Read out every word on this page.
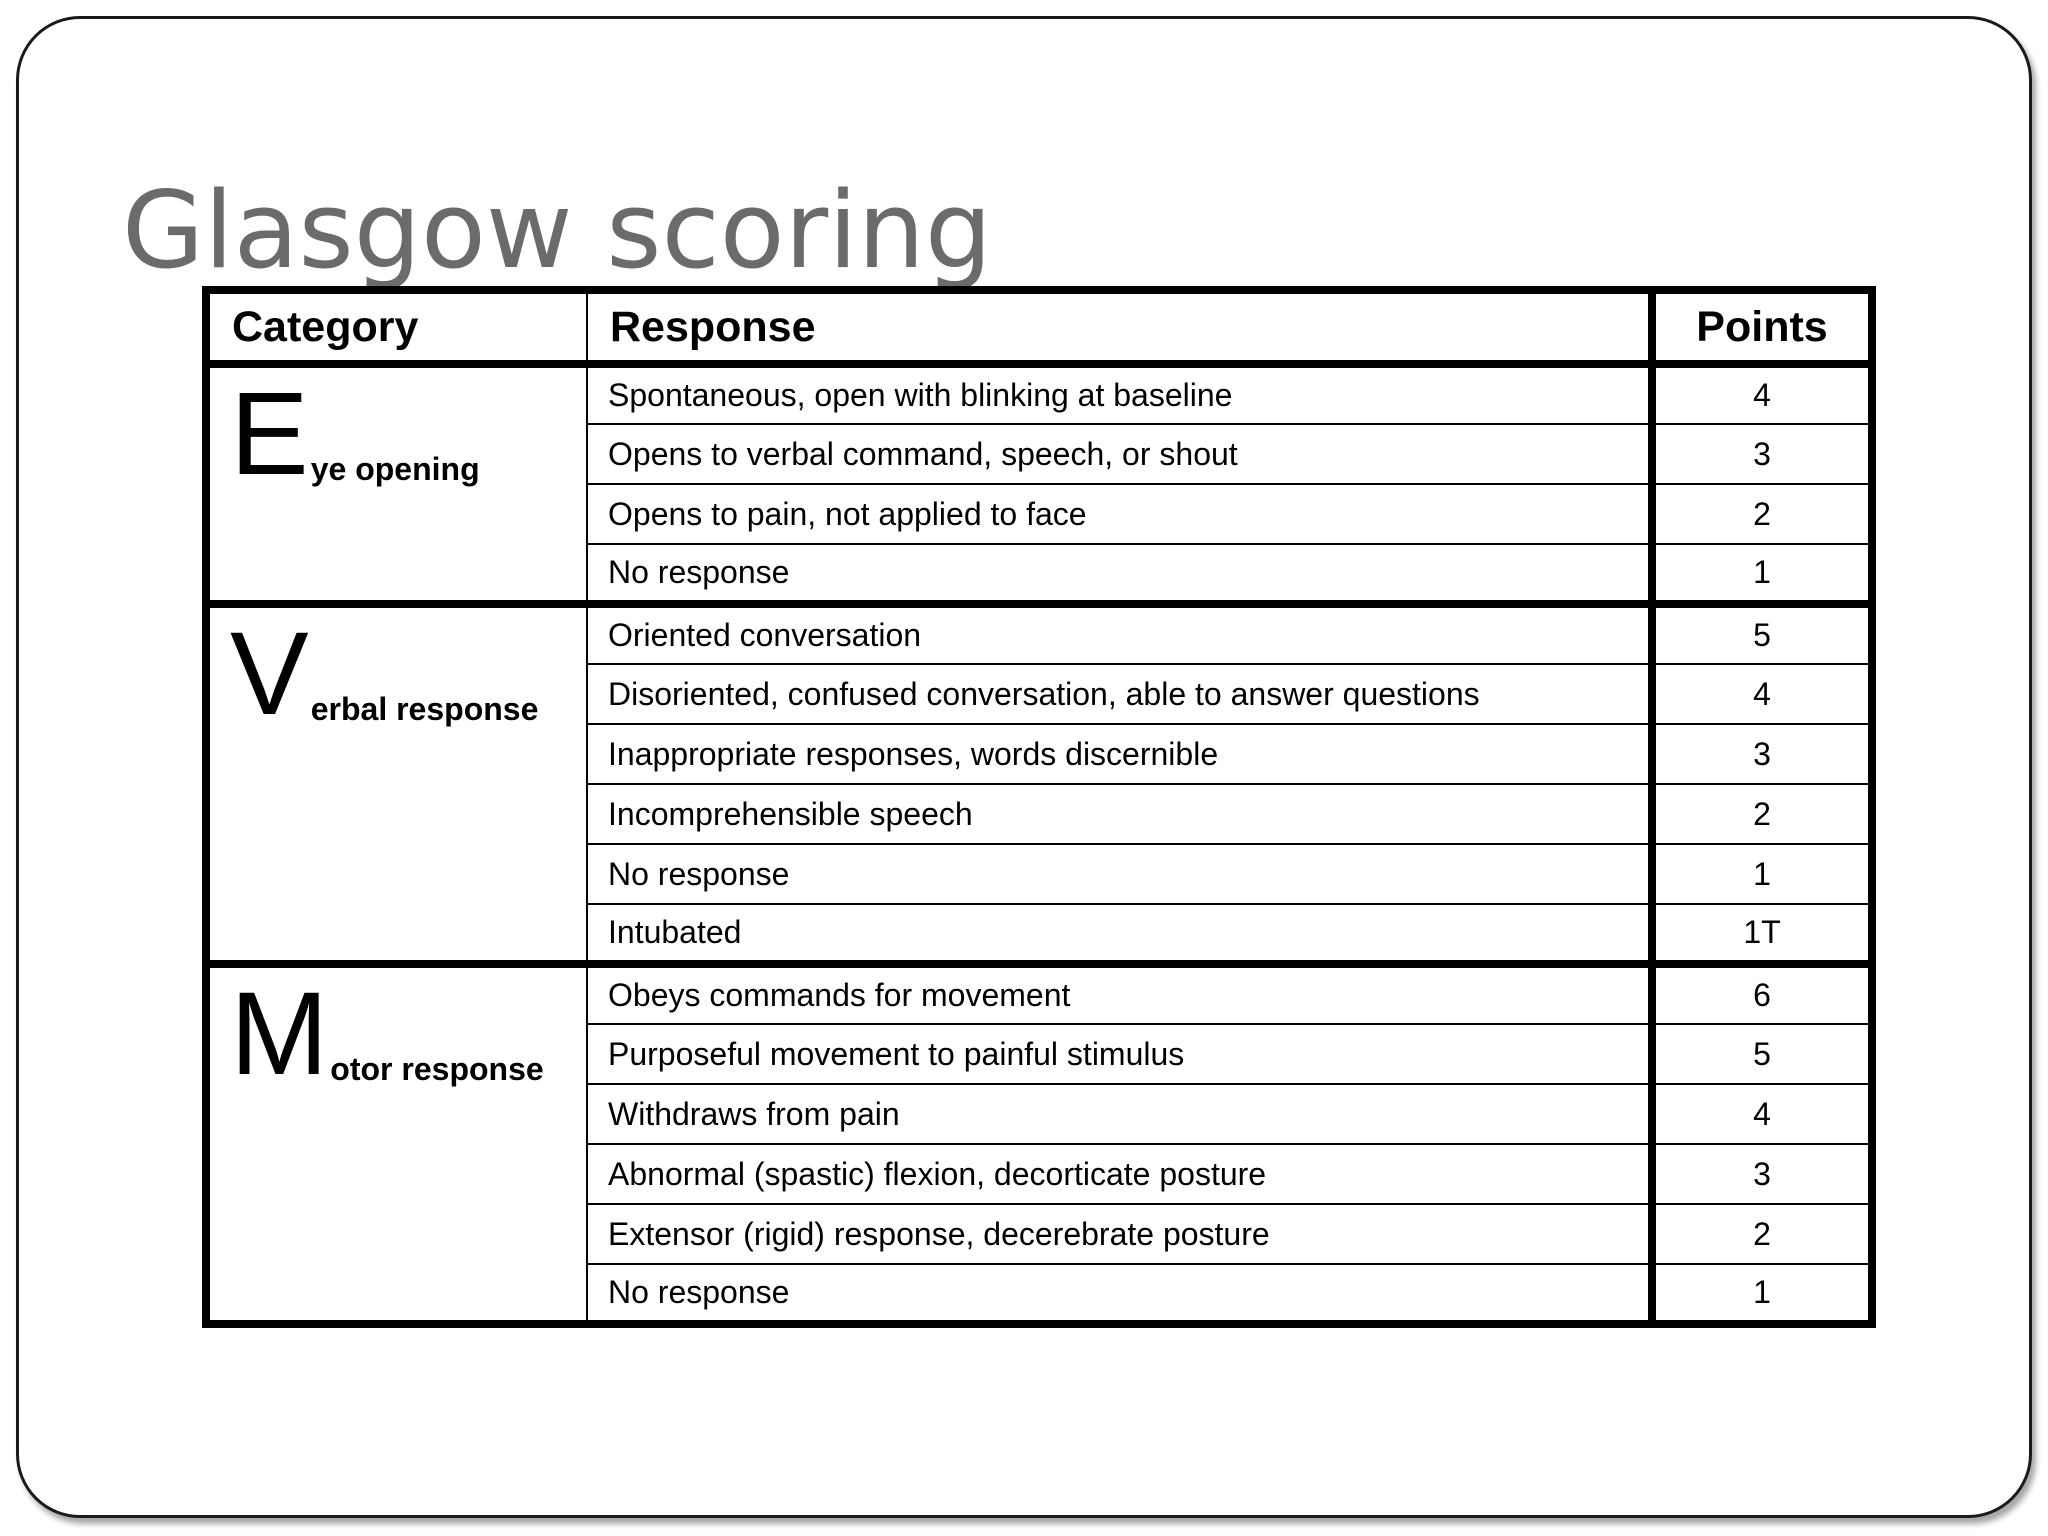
Glasgow scoring
Category	Response	Points

E ye opening	Spontaneous, open with blinking at baseline	4
	Opens to verbal command, speech, or shout	3
	Opens to pain, not applied to face	2
	No response	1

V erbal response	Oriented conversation	5
	Disoriented, confused conversation, able to answer questions	4
	Inappropriate responses, words discernible	3
	Incomprehensible speech	2
	No response	1
	Intubated	1T

M otor response	Obeys commands for movement	6
	Purposeful movement to painful stimulus	5
	Withdraws from pain	4
	Abnormal (spastic) flexion, decorticate posture	3
	Extensor (rigid) response, decerebrate posture	2
	No response	1
